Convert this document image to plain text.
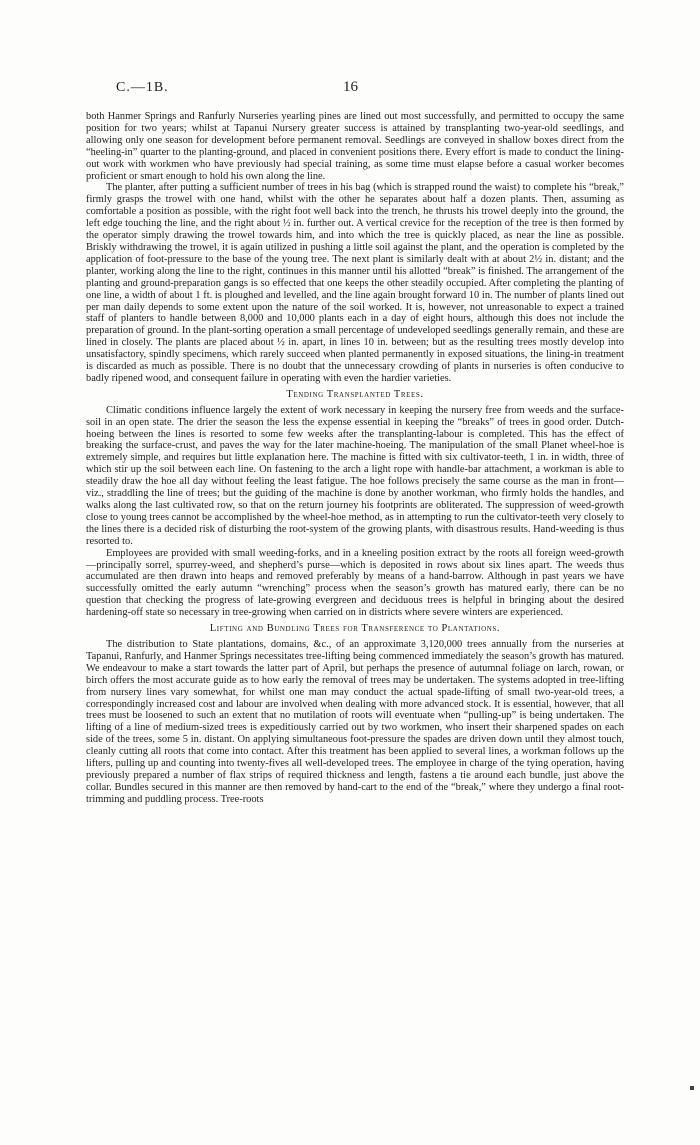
C.—1B.	16

both Hanmer Springs and Ranfurly Nurseries yearling pines are lined out most successfully, and permitted to occupy the same position for two years; whilst at Tapanui Nursery greater success is attained by transplanting two-year-old seedlings, and allowing only one season for development before permanent removal. Seedlings are conveyed in shallow boxes direct from the “heeling-in” quarter to the planting-ground, and placed in convenient positions there. Every effort is made to conduct the lining-out work with workmen who have previously had special training, as some time must elapse before a casual worker becomes proficient or smart enough to hold his own along the line.

The planter, after putting a sufficient number of trees in his bag (which is strapped round the waist) to complete his “break,” firmly grasps the trowel with one hand, whilst with the other he separates about half a dozen plants. Then, assuming as comfortable a position as possible, with the right foot well back into the trench, he thrusts his trowel deeply into the ground, the left edge touching the line, and the right about ½ in. further out. A vertical crevice for the reception of the tree is then formed by the operator simply drawing the trowel towards him, and into which the tree is quickly placed, as near the line as possible. Briskly withdrawing the trowel, it is again utilized in pushing a little soil against the plant, and the operation is completed by the application of foot-pressure to the base of the young tree. The next plant is similarly dealt with at about 2½ in. distant; and the planter, working along the line to the right, continues in this manner until his allotted “break” is finished. The arrangement of the planting and ground-preparation gangs is so effected that one keeps the other steadily occupied. After completing the planting of one line, a width of about 1 ft. is ploughed and levelled, and the line again brought forward 10 in. The number of plants lined out per man daily depends to some extent upon the nature of the soil worked. It is, however, not unreasonable to expect a trained staff of planters to handle between 8,000 and 10,000 plants each in a day of eight hours, although this does not include the preparation of ground. In the plant-sorting operation a small percentage of undeveloped seedlings generally remain, and these are lined in closely. The plants are placed about ½ in. apart, in lines 10 in. between; but as the resulting trees mostly develop into unsatisfactory, spindly specimens, which rarely succeed when planted permanently in exposed situations, the lining-in treatment is discarded as much as possible. There is no doubt that the unnecessary crowding of plants in nurseries is often conducive to badly ripened wood, and consequent failure in operating with even the hardier varieties.

Tending Transplanted Trees.

Climatic conditions influence largely the extent of work necessary in keeping the nursery free from weeds and the surface-soil in an open state. The drier the season the less the expense essential in keeping the “breaks” of trees in good order. Dutch-hoeing between the lines is resorted to some few weeks after the transplanting-labour is completed. This has the effect of breaking the surface-crust, and paves the way for the later machine-hoeing. The manipulation of the small Planet wheel-hoe is extremely simple, and requires but little explanation here. The machine is fitted with six cultivator-teeth, 1 in. in width, three of which stir up the soil between each line. On fastening to the arch a light rope with handle-bar attachment, a workman is able to steadily draw the hoe all day without feeling the least fatigue. The hoe follows precisely the same course as the man in front—viz., straddling the line of trees; but the guiding of the machine is done by another workman, who firmly holds the handles, and walks along the last cultivated row, so that on the return journey his footprints are obliterated. The suppression of weed-growth close to young trees cannot be accomplished by the wheel-hoe method, as in attempting to run the cultivator-teeth very closely to the lines there is a decided risk of disturbing the root-system of the growing plants, with disastrous results. Hand-weeding is thus resorted to.

Employees are provided with small weeding-forks, and in a kneeling position extract by the roots all foreign weed-growth—principally sorrel, spurrey-weed, and shepherd’s purse—which is deposited in rows about six lines apart. The weeds thus accumulated are then drawn into heaps and removed preferably by means of a hand-barrow. Although in past years we have successfully omitted the early autumn “wrenching” process when the season’s growth has matured early, there can be no question that checking the progress of late-growing evergreen and deciduous trees is helpful in bringing about the desired hardening-off state so necessary in tree-growing when carried on in districts where severe winters are experienced.

Lifting and Bundling Trees for Transference to Plantations.

The distribution to State plantations, domains, &c., of an approximate 3,120,000 trees annually from the nurseries at Tapanui, Ranfurly, and Hanmer Springs necessitates tree-lifting being commenced immediately the season’s growth has matured. We endeavour to make a start towards the latter part of April, but perhaps the presence of autumnal foliage on larch, rowan, or birch offers the most accurate guide as to how early the removal of trees may be undertaken. The systems adopted in tree-lifting from nursery lines vary somewhat, for whilst one man may conduct the actual spade-lifting of small two-year-old trees, a correspondingly increased cost and labour are involved when dealing with more advanced stock. It is essential, however, that all trees must be loosened to such an extent that no mutilation of roots will eventuate when “pulling-up” is being undertaken. The lifting of a line of medium-sized trees is expeditiously carried out by two workmen, who insert their sharpened spades on each side of the trees, some 5 in. distant. On applying simultaneous foot-pressure the spades are driven down until they almost touch, cleanly cutting all roots that come into contact. After this treatment has been applied to several lines, a workman follows up the lifters, pulling up and counting into twenty-fives all well-developed trees. The employee in charge of the tying operation, having previously prepared a number of flax strips of required thickness and length, fastens a tie around each bundle, just above the collar. Bundles secured in this manner are then removed by hand-cart to the end of the “break,” where they undergo a final root-trimming and puddling process. Tree-roots
